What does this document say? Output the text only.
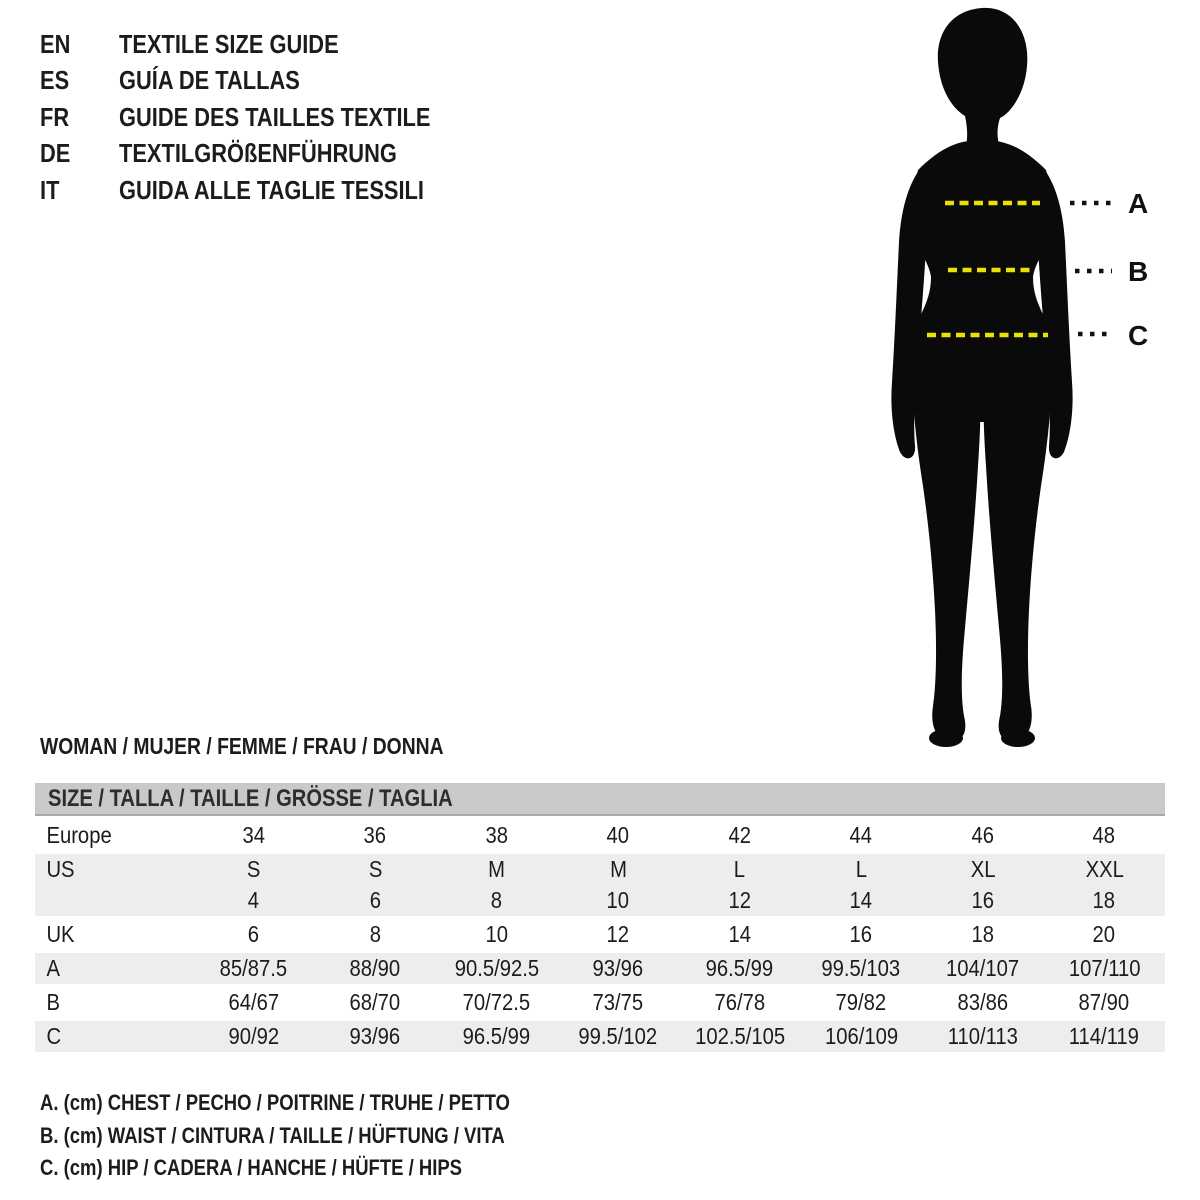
EN	TEXTILE SIZE GUIDE
ES	GUÍA DE TALLAS
FR	GUIDE DES TAILLES TEXTILE
DE	TEXTILGRÖßENFÜHRUNG
IT	GUIDA ALLE TAGLIE TESSILI	A
B
C
WOMAN / MUJER / FEMME / FRAU / DONNA
SIZE / TALLA / TAILLE / GRÖSSE / TAGLIA
Europe	34	36	38	40	42	44	46	48
US	S	S	M	M	L	L	XL	XXL
4	6	8	10	12	14	16	18
UK	6	8	10	12	14	16	18	20
A	85/87.5	88/90 90.5/92.5 93/96	96.5/99 99.5/103 104/107 107/110
B	64/67	68/70	70/72.5	73/75	76/78	79/82	83/86	87/90
C	90/92	93/96	96.5/99 99.5/102 102.5/105 106/109 110/113 114/119
A. (cm) CHEST / PECHO / POITRINE / TRUHE / PETTO
B. (cm) WAIST / CINTURA / TAILLE / HÜFTUNG / VITA
C. (cm) HIP / CADERA / HANCHE / HÜFTE / HIPS
